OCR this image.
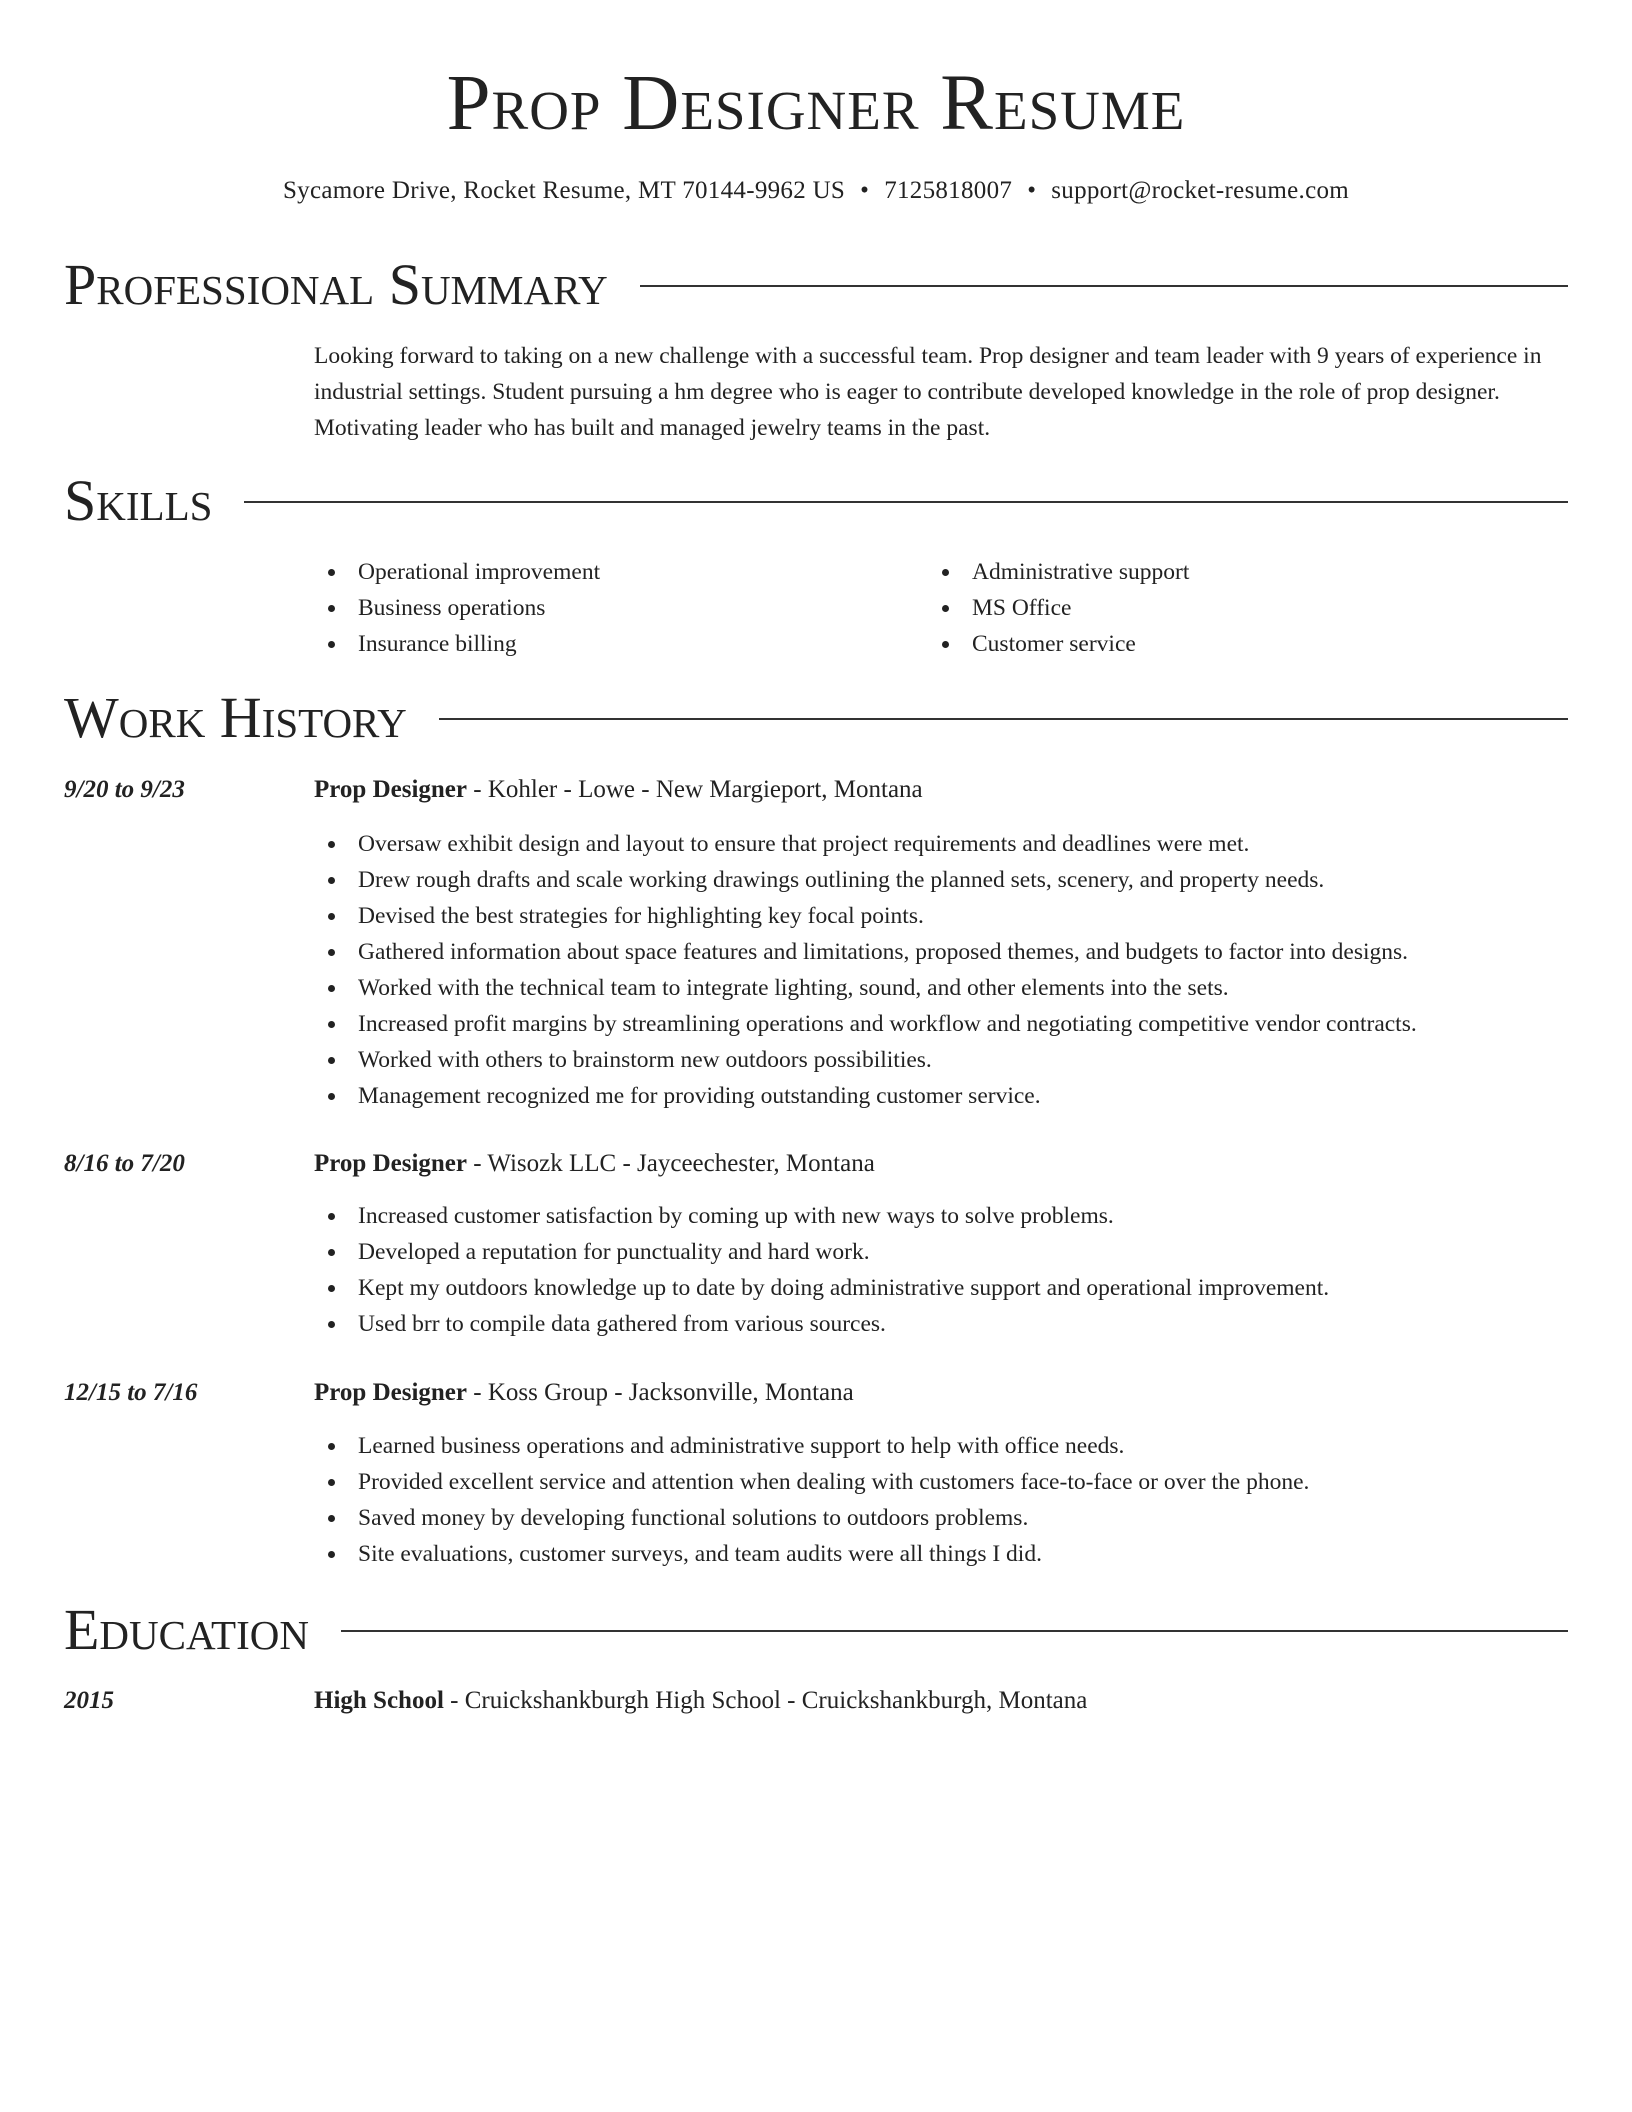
Prop Designer Resume
Sycamore Drive, Rocket Resume, MT 70144-9962 US • 7125818007 • support@rocket-resume.com
Professional Summary

Looking forward to taking on a new challenge with a successful team. Prop designer and team leader with 9 years of experience in industrial settings. Student pursuing a hm degree who is eager to contribute developed knowledge in the role of prop designer. Motivating leader who has built and managed jewelry teams in the past.

Skills
Operational improvement
Business operations
Insurance billing
Administrative support
MS Office
Customer service
Work History
9/20 to 9/23	Prop Designer - Kohler - Lowe - New Margieport, Montana
Oversaw exhibit design and layout to ensure that project requirements and deadlines were met.
Drew rough drafts and scale working drawings outlining the planned sets, scenery, and property needs.
Devised the best strategies for highlighting key focal points.
Gathered information about space features and limitations, proposed themes, and budgets to factor into designs.
Worked with the technical team to integrate lighting, sound, and other elements into the sets.
Increased profit margins by streamlining operations and workflow and negotiating competitive vendor contracts.
Worked with others to brainstorm new outdoors possibilities.
Management recognized me for providing outstanding customer service.
8/16 to 7/20	Prop Designer - Wisozk LLC - Jayceechester, Montana
Increased customer satisfaction by coming up with new ways to solve problems.
Developed a reputation for punctuality and hard work.
Kept my outdoors knowledge up to date by doing administrative support and operational improvement.
Used brr to compile data gathered from various sources.
12/15 to 7/16	Prop Designer - Koss Group - Jacksonville, Montana
Learned business operations and administrative support to help with office needs.
Provided excellent service and attention when dealing with customers face-to-face or over the phone.
Saved money by developing functional solutions to outdoors problems.
Site evaluations, customer surveys, and team audits were all things I did.
Education
2015	High School - Cruickshankburgh High School - Cruickshankburgh, Montana
